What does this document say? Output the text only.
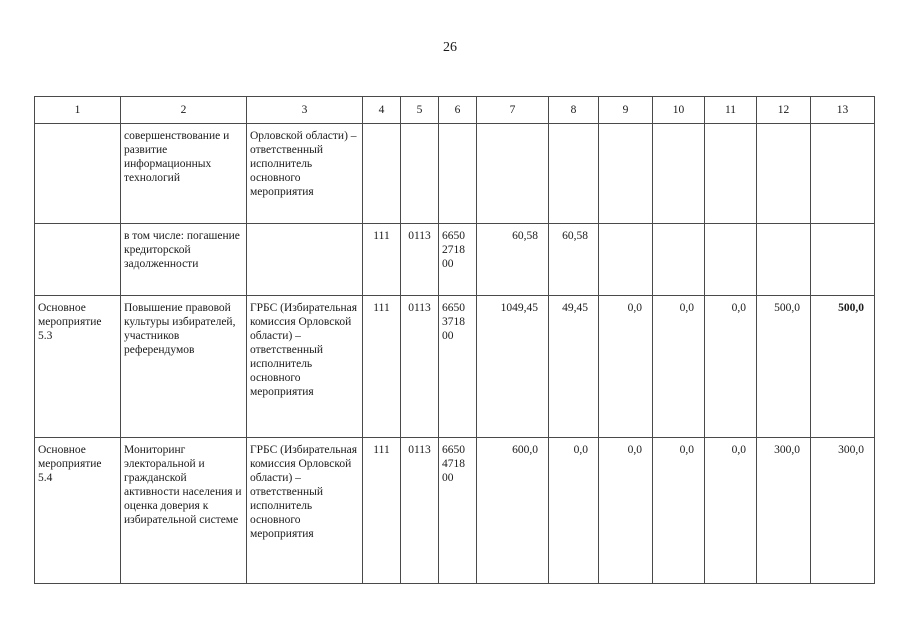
26
1	2	3	4	5	6	7	8	9	10	11	12	13
	совершенствование и развитие информационных технологий	Орловской области) – ответственный исполнитель основного мероприятия										
	в том числе: погашение кредиторской задолженности		111	0113	6650 2718 00	60,58	60,58					
Основное мероприятие 5.3	Повышение правовой культуры избирателей, участников референдумов	ГРБС (Избирательная комиссия Орловской области) – ответственный исполнитель основного мероприятия	111	0113	6650 3718 00	1049,45	49,45	0,0	0,0	0,0	500,0	500,0
Основное мероприятие 5.4	Мониторинг электоральной и гражданской активности населения и оценка доверия к избирательной системе	ГРБС (Избирательная комиссия Орловской области) – ответственный исполнитель основного мероприятия	111	0113	6650 4718 00	600,0	0,0	0,0	0,0	0,0	300,0	300,0
